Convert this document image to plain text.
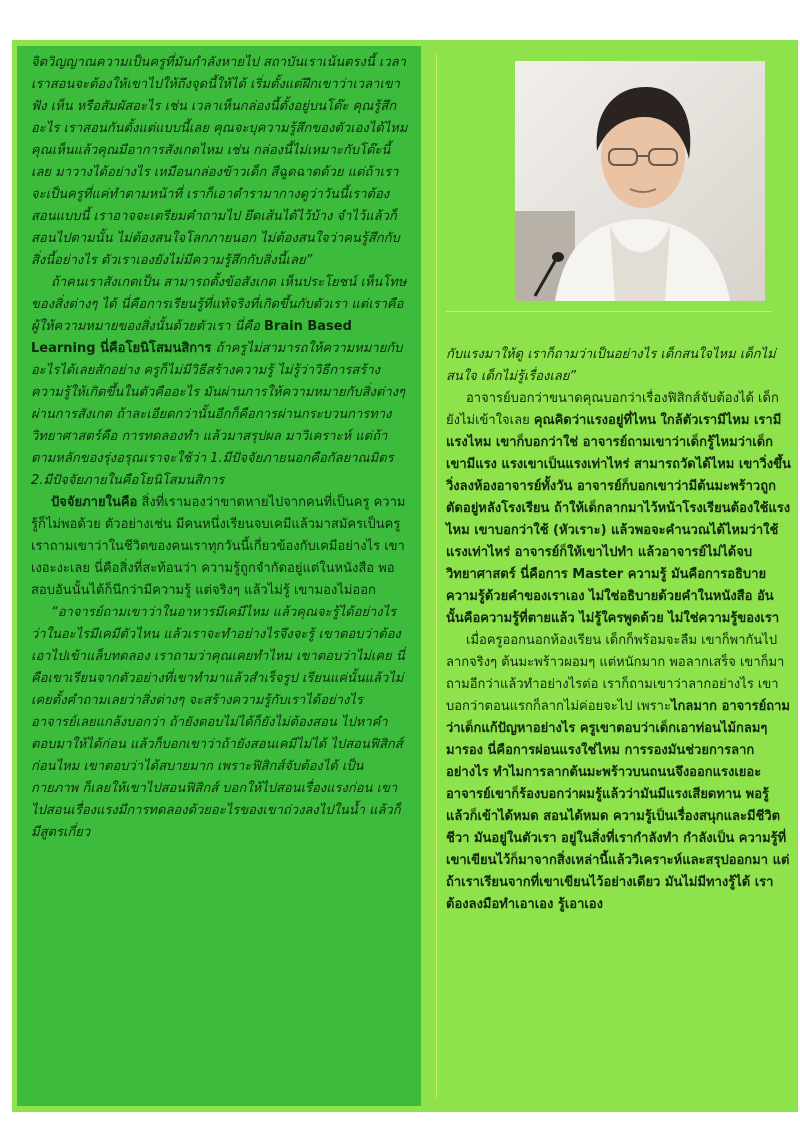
จิตวิญญาณความเป็นครูที่มันกำลังหายไป สถาบันเราเน้นตรงนี้ เวลาเราสอนจะต้องให้เขาไปให้ถึงจุดนี้ให้ได้ เริ่มตั้งแต่ฝึกเขาว่าเวลาเขาฟัง เห็น หรือสัมผัสอะไร เช่น เวลาเห็นกล่องนี้ตั้งอยู่บนโต๊ะ คุณรู้สึกอะไร เราสอนกันตั้งแต่แบบนี้เลย คุณจะบุความรู้สึกของตัวเองได้ไหม คุณเห็นแล้วคุณมีอาการสังเกตไหม เช่น กล่องนี้ไม่เหมาะกับโต๊ะนี้เลย มาวางได้อย่างไร เหมือนกล่องข้าวเด็ก สีฉูดฉาดด้วย แต่ถ้าเราจะเป็นครูที่แค่ทำตามหน้าที่ เราก็เอาตำรามากางดูว่าวันนี้เราต้องสอนแบบนี้ เราอาจจะเตรียมคำถามไป ยึดเส้นได้ไว้บ้าง จำไว้แล้วก็สอนไปตามนั้น ไม่ต้องสนใจโลกภายนอก ไม่ต้องสนใจว่าคนรู้สึกกับสิ่งนี้อย่างไร ตัวเราเองยังไม่มีความรู้สึกกับสิ่งนี้เลย”

ถ้าคนเราสังเกตเป็น สามารถตั้งข้อสังเกต เห็นประโยชน์ เห็นโทษของสิ่งต่างๆ ได้ นี่คือการเรียนรู้ที่แท้จริงที่เกิดขึ้นกับตัวเรา แต่เราคือผู้ให้ความหมายของสิ่งนั้นด้วยตัวเรา นี่คือ Brain Based Learning นี่คือโยนิโสมนสิการ ถ้าครูไม่สามารถให้ความหมายกับอะไรได้เลยสักอย่าง ครูก็ไม่มีวิธีสร้างความรู้ ไม่รู้ว่าวิธีการสร้างความรู้ให้เกิดขึ้นในตัวคืออะไร มันผ่านการให้ความหมายกับสิ่งต่างๆ ผ่านการสังเกต ถ้าละเอียดกว่านั้นอีกก็คือการผ่านกระบวนการทางวิทยาศาสตร์คือ การทดลองทำ แล้วมาสรุปผล มาวิเคราะห์ แต่ถ้าตามหลักของรุ่งอรุณเราจะใช้ว่า 1.มีปัจจัยภายนอกคือกัลยาณมิตร 2.มีปัจจัยภายในคือโยนิโสมนสิการ

ปัจจัยภายในคือ สิ่งที่เรามองว่าขาดหายไปจากคนที่เป็นครู ความรู้ก็ไม่พอด้วย ตัวอย่างเช่น มีคนหนึ่งเรียนจบเคมีแล้วมาสมัครเป็นครู เราถามเขาว่าในชีวิตของคนเราทุกวันนี้เกี่ยวข้องกับเคมีอย่างไร เขาเงอะงะเลย นี่คือสิ่งที่สะท้อนว่า ความรู้ถูกจำกัดอยู่แต่ในหนังสือ พอสอบอันนั้นได้ก็นึกว่ามีความรู้ แต่จริงๆ แล้วไม่รู้ เขามองไม่ออก

“อาจารย์ถามเขาว่าในอาหารมีเคมีไหม แล้วคุณจะรู้ได้อย่างไรว่าในอะไรมีเคมีตัวไหน แล้วเราจะทำอย่างไรจึงจะรู้ เขาตอบว่าต้องเอาไปเข้าแล็บทดลอง เราถามว่าคุณเคยทำไหม เขาตอบว่าไม่เคย นี่คือเขาเรียนจากตัวอย่างที่เขาทำมาแล้วสำเร็จรูป เรียนแค่นั้นแล้วไม่เคยตั้งคำถามเลยว่าสิ่งต่างๆ จะสร้างความรู้กับเราได้อย่างไร อาจารย์เลยแกล้งบอกว่า ถ้ายังตอบไม่ได้ก็ยังไม่ต้องสอน ไปหาคำตอบมาให้ได้ก่อน แล้วก็บอกเขาว่าถ้ายังสอนเคมีไม่ได้ ไปสอนฟิสิกส์ก่อนไหม เขาตอบว่าได้สบายมาก เพราะฟิสิกส์จับต้องได้ เป็นกายภาพ ก็เลยให้เขาไปสอนฟิสิกส์ บอกให้ไปสอนเรื่องแรงก่อน เขาไปสอนเรื่องแรงมีการทดลองด้วยอะไรของเขาถ่วงลงไปในน้ำ แล้วก็มีสูตรเกี่ยว

กับแรงมาให้ดู เราก็ถามว่าเป็นอย่างไร เด็กสนใจไหม เด็กไม่สนใจ เด็กไม่รู้เรื่องเลย”

อาจารย์บอกว่าขนาดคุณบอกว่าเรื่องฟิสิกส์จับต้องได้ เด็กยังไม่เข้าใจเลย คุณคิดว่าแรงอยู่ที่ไหน ใกล้ตัวเรามีไหม เรามีแรงไหม เขาก็บอกว่าใช่ อาจารย์ถามเขาว่าเด็กรู้ไหมว่าเด็กเขามีแรง แรงเขาเป็นแรงเท่าไหร่ สามารถวัดได้ไหม เขาวิ่งขึ้นวิ่งลงห้องอาจารย์ทั้งวัน อาจารย์ก็บอกเขาว่ามีต้นมะพร้าวถูกตัดอยู่หลังโรงเรียน ถ้าให้เด็กลากมาไว้หน้าโรงเรียนต้องใช้แรงไหม เขาบอกว่าใช้ (หัวเราะ) แล้วพอจะคำนวณได้ไหมว่าใช้แรงเท่าไหร่ อาจารย์ก็ให้เขาไปทำ แล้วอาจารย์ไม่ได้จบวิทยาศาสตร์ นี่คือการ Master ความรู้ มันคือการอธิบายความรู้ด้วยคำของเราเอง ไม่ใช่อธิบายด้วยคำในหนังสือ อันนั้นคือความรู้ที่ตายแล้ว ไม่รู้ใครพูดด้วย ไม่ใช่ความรู้ของเรา

เมื่อครูออกนอกห้องเรียน เด็กก็พร้อมจะลืม เขาก็พากันไปลากจริงๆ ต้นมะพร้าวผอมๆ แต่หนักมาก พอลากเสร็จ เขาก็มาถามอีกว่าแล้วทำอย่างไรต่อ เราก็ถามเขาว่าลากอย่างไร เขาบอกว่าตอนแรกก็ลากไม่ค่อยจะไป เพราะไกลมาก อาจารย์ถามว่าเด็กแก้ปัญหาอย่างไร ครูเขาตอบว่าเด็กเอาท่อนไม้กลมๆ มารอง นี่คือการผ่อนแรงใช่ไหม การรองมันช่วยการลากอย่างไร ทำไมการลากต้นมะพร้าวบนถนนจึงออกแรงเยอะ อาจารย์เขาก็ร้องบอกว่าผมรู้แล้วว่ามันมีแรงเสียดทาน พอรู้แล้วก็เข้าได้หมด สอนได้หมด ความรู้เป็นเรื่องสนุกและมีชีวิตชีวา มันอยู่ในตัวเรา อยู่ในสิ่งที่เรากำลังทำ กำลังเป็น ความรู้ที่เขาเขียนไว้ก็มาจากสิ่งเหล่านี้แล้ววิเคราะห์และสรุปออกมา แต่ถ้าเราเรียนจากที่เขาเขียนไว้อย่างเดียว มันไม่มีทางรู้ได้ เราต้องลงมือทำเอาเอง รู้เอาเอง
